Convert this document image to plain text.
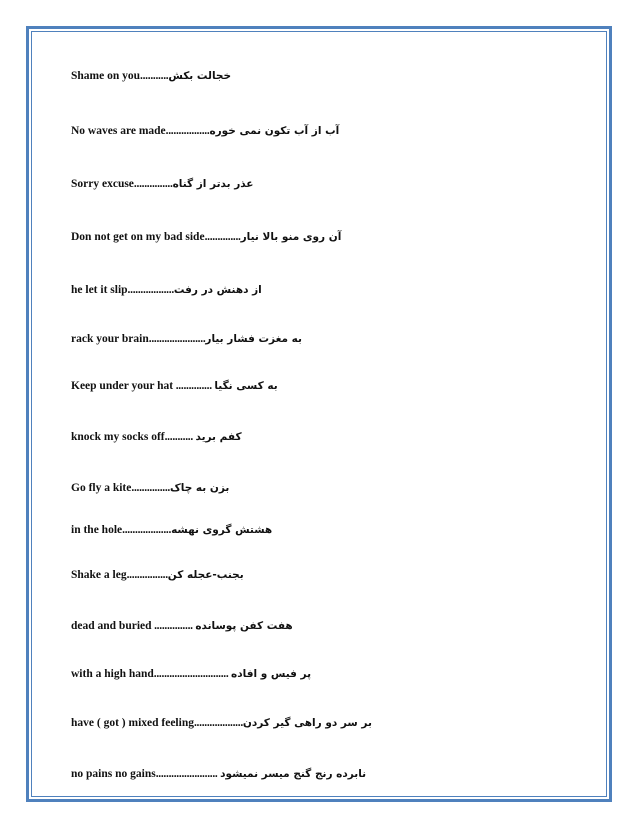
Shame on you...........خجالت بکش
No waves are made.................آب از آب تکون نمی خوره
Sorry excuse...............عذر بدتر از گناه
Don not get on my bad side..............آن روی منو بالا نیار
he let it slip..................از دهنش در رفت
rack your brain......................به مغزت فشار بیار
Keep under your hat .............. به کسی نگیا
knock my socks off........... کفم برید
Go fly a kite...............بزن به چاک
in the hole...................هشتش گروی نهشه
Shake a leg................بجنب-عجله کن
dead and buried ............... هفت کفن پوسانده
with a high hand............................. پر فیس و افاده
have ( got ) mixed feeling...................بر سر دو راهی گیر کردن
no pains no gains........................ نابرده رنج گنج میسر نمیشود
